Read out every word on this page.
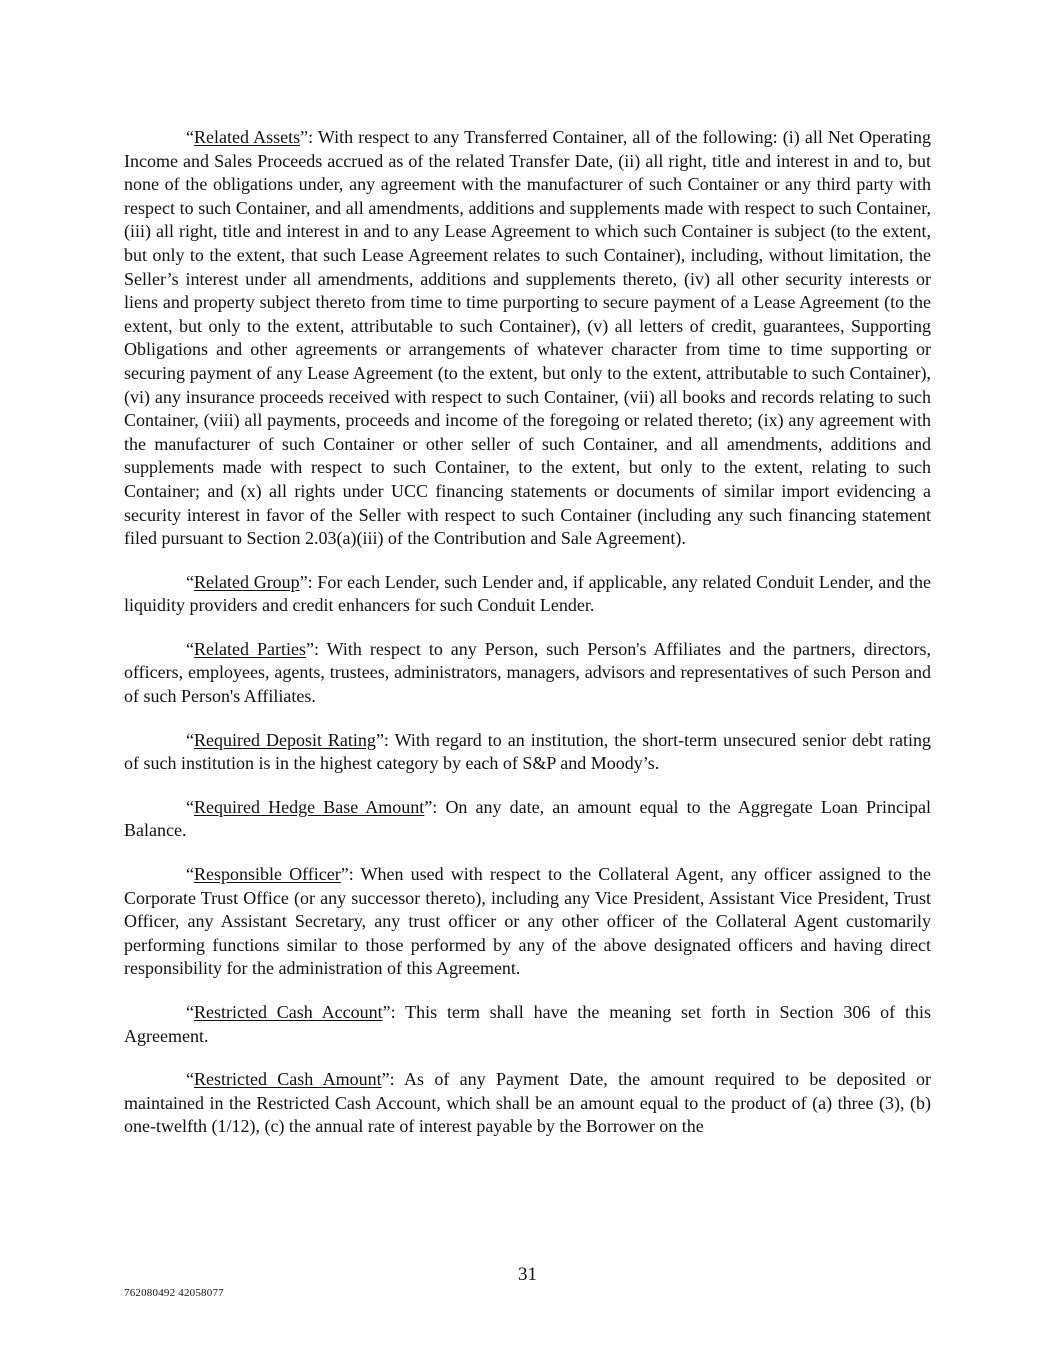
“Related Assets”: With respect to any Transferred Container, all of the following: (i) all Net Operating Income and Sales Proceeds accrued as of the related Transfer Date, (ii) all right, title and interest in and to, but none of the obligations under, any agreement with the manufacturer of such Container or any third party with respect to such Container, and all amendments, additions and supplements made with respect to such Container, (iii) all right, title and interest in and to any Lease Agreement to which such Container is subject (to the extent, but only to the extent, that such Lease Agreement relates to such Container), including, without limitation, the Seller’s interest under all amendments, additions and supplements thereto, (iv) all other security interests or liens and property subject thereto from time to time purporting to secure payment of a Lease Agreement (to the extent, but only to the extent, attributable to such Container), (v) all letters of credit, guarantees, Supporting Obligations and other agreements or arrangements of whatever character from time to time supporting or securing payment of any Lease Agreement (to the extent, but only to the extent, attributable to such Container), (vi) any insurance proceeds received with respect to such Container, (vii) all books and records relating to such Container, (viii) all payments, proceeds and income of the foregoing or related thereto; (ix) any agreement with the manufacturer of such Container or other seller of such Container, and all amendments, additions and supplements made with respect to such Container, to the extent, but only to the extent, relating to such Container; and (x) all rights under UCC financing statements or documents of similar import evidencing a security interest in favor of the Seller with respect to such Container (including any such financing statement filed pursuant to Section 2.03(a)(iii) of the Contribution and Sale Agreement).

“Related Group”: For each Lender, such Lender and, if applicable, any related Conduit Lender, and the liquidity providers and credit enhancers for such Conduit Lender.

“Related Parties”: With respect to any Person, such Person's Affiliates and the partners, directors, officers, employees, agents, trustees, administrators, managers, advisors and representatives of such Person and of such Person's Affiliates.

“Required Deposit Rating”: With regard to an institution, the short-term unsecured senior debt rating of such institution is in the highest category by each of S&P and Moody’s.

“Required Hedge Base Amount”: On any date, an amount equal to the Aggregate Loan Principal Balance.

“Responsible Officer”: When used with respect to the Collateral Agent, any officer assigned to the Corporate Trust Office (or any successor thereto), including any Vice President, Assistant Vice President, Trust Officer, any Assistant Secretary, any trust officer or any other officer of the Collateral Agent customarily performing functions similar to those performed by any of the above designated officers and having direct responsibility for the administration of this Agreement.

“Restricted Cash Account”: This term shall have the meaning set forth in Section 306 of this Agreement.

“Restricted Cash Amount”: As of any Payment Date, the amount required to be deposited or maintained in the Restricted Cash Account, which shall be an amount equal to the product of (a) three (3), (b) one-twelfth (1/12), (c) the annual rate of interest payable by the Borrower on the

31
762080492 42058077
